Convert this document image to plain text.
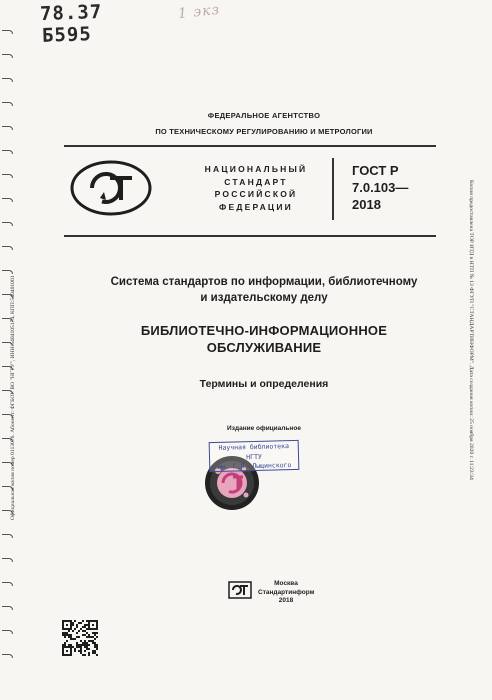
78.37
Б595
1 экз
ФЕДЕРАЛЬНОЕ АГЕНТСТВО
ПО ТЕХНИЧЕСКОМУ РЕГУЛИРОВАНИЮ И МЕТРОЛОГИИ
НАЦИОНАЛЬНЫЙ
СТАНДАРТ
РОССИЙСКОЙ
ФЕДЕРАЦИИ
ГОСТ Р
7.0.103—
2018
Система стандартов по информации, библиотечному
и издательскому делу
БИБЛИОТЕЧНО-ИНФОРМАЦИОННОЕ
ОБСЛУЖИВАНИЕ
Термины и определения
Издание официальное
Научная библиотека
НГТУ
им. Г.П. Лыщинского
Москва
Стандартинформ
2018
Официальная копия номер 0113076. Абонент: ФГБОУ ВО "НГТУ", ИНН:5404105174, КПП:540401001	Копия предоставлена ТОР ИТД в НТП № 13 ФГУП "СТАНДАРТИНФОРМ". Дата создания копии: 25 ноября 2020 г. 11:23:34
